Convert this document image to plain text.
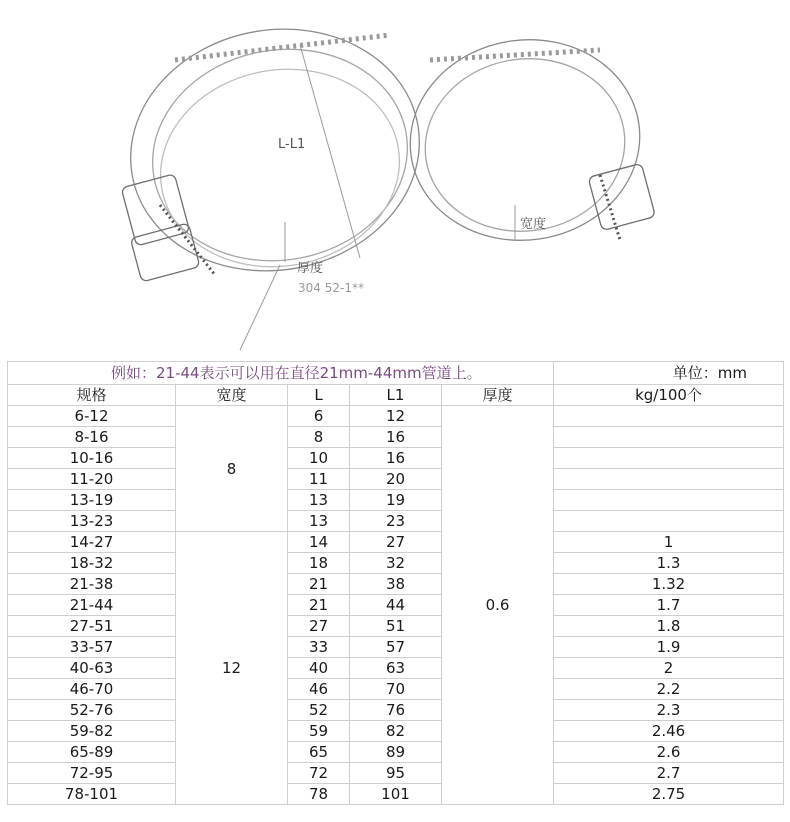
L-L1
厚度
宽度
304 52-1**
例如：21-44表示可以用在直径21mm-44mm管道上。					单位：mm
规格	宽度	L	L1	厚度	kg/100个
6-12	8	6	12	0.6	
8-16		8	16		
10-16		10	16		
11-20		11	20		
13-19		13	19		
13-23		13	23		
14-27	12	14	27		1
18-32		18	32		1.3
21-38		21	38		1.32
21-44		21	44		1.7
27-51		27	51		1.8
33-57		33	57		1.9
40-63		40	63		2
46-70		46	70		2.2
52-76		52	76		2.3
59-82		59	82		2.46
65-89		65	89		2.6
72-95		72	95		2.7
78-101		78	101		2.75
